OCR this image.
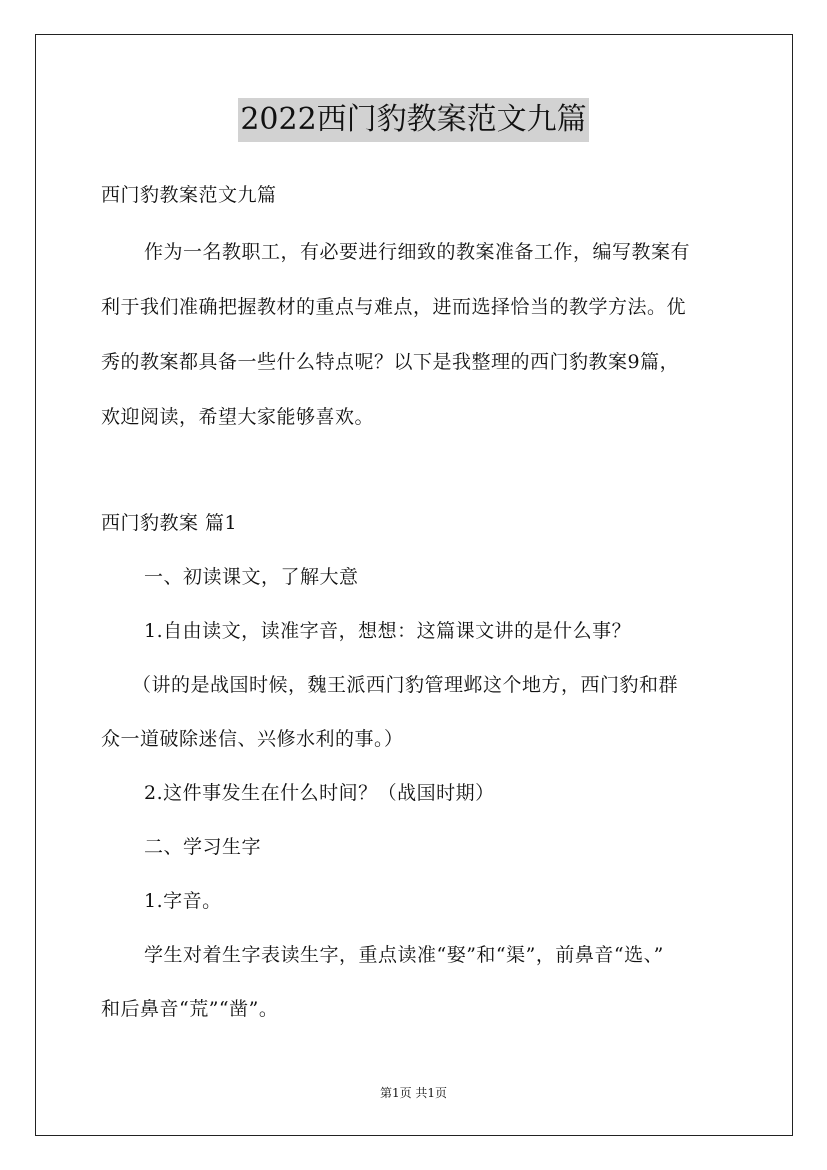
2022西门豹教案范文九篇
西门豹教案范文九篇
作为一名教职工，有必要进行细致的教案准备工作，编写教案有
利于我们准确把握教材的重点与难点，进而选择恰当的教学方法。优
秀的教案都具备一些什么特点呢？以下是我整理的西门豹教案9篇，
欢迎阅读，希望大家能够喜欢。
西门豹教案 篇1
一、初读课文，了解大意
1.自由读文，读准字音，想想：这篇课文讲的是什么事？
（讲的是战国时候，魏王派西门豹管理邺这个地方，西门豹和群
众一道破除迷信、兴修水利的事。）
2.这件事发生在什么时间？（战国时期）
二、学习生字
1.字音。
学生对着生字表读生字，重点读准“娶”和“渠”，前鼻音“选、”
和后鼻音“荒”“凿”。
第1页 共1页
